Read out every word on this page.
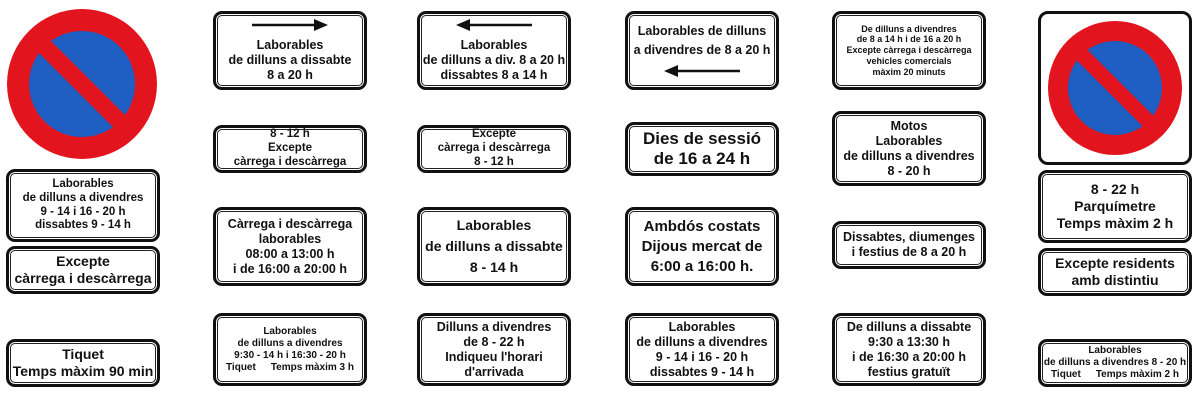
Laborables
de dilluns a divendres
9 - 14 i 16 - 20 h
dissabtes 9 - 14 h
Excepte
càrrega i descàrrega
Tiquet
Temps màxim 90 min
Laborables
de dilluns a dissabte
8 a 20 h
8 - 12 h
Excepte
càrrega i descàrrega
Càrrega i descàrrega
laborables
08:00 a 13:00 h
i de 16:00 a 20:00 h
Laborables
de dilluns a divendres
9:30 - 14 h i 16:30 - 20 h
Tiquet Temps màxim 3 h
Laborables
de dilluns a div. 8 a 20 h
dissabtes 8 a 14 h
Excepte
càrrega i descàrrega
8 - 12 h
Laborables
de dilluns a dissabte
8 - 14 h
Dilluns a divendres
de 8 - 22 h
Indiqueu l'horari
d'arrivada
Laborables de dilluns
a divendres de 8 a 20 h
Dies de sessió
de 16 a 24 h
Ambdós costats
Dijous mercat de
6:00 a 16:00 h.
Laborables
de dilluns a divendres
9 - 14 i 16 - 20 h
dissabtes 9 - 14 h
De dilluns a divendres
de 8 a 14 h i de 16 a 20 h
Excepte càrrega i descàrrega
vehicles comercials
màxim 20 minuts
Motos
Laborables
de dilluns a divendres
8 - 20 h
Dissabtes, diumenges
i festius de 8 a 20 h
De dilluns a dissabte
9:30 a 13:30 h
i de 16:30 a 20:00 h
festius gratuït
8 - 22 h
Parquímetre
Temps màxim 2 h
Excepte residents
amb distintiu
Laborables
de dilluns a divendres 8 - 20 h
Tiquet Temps màxim 2 h
